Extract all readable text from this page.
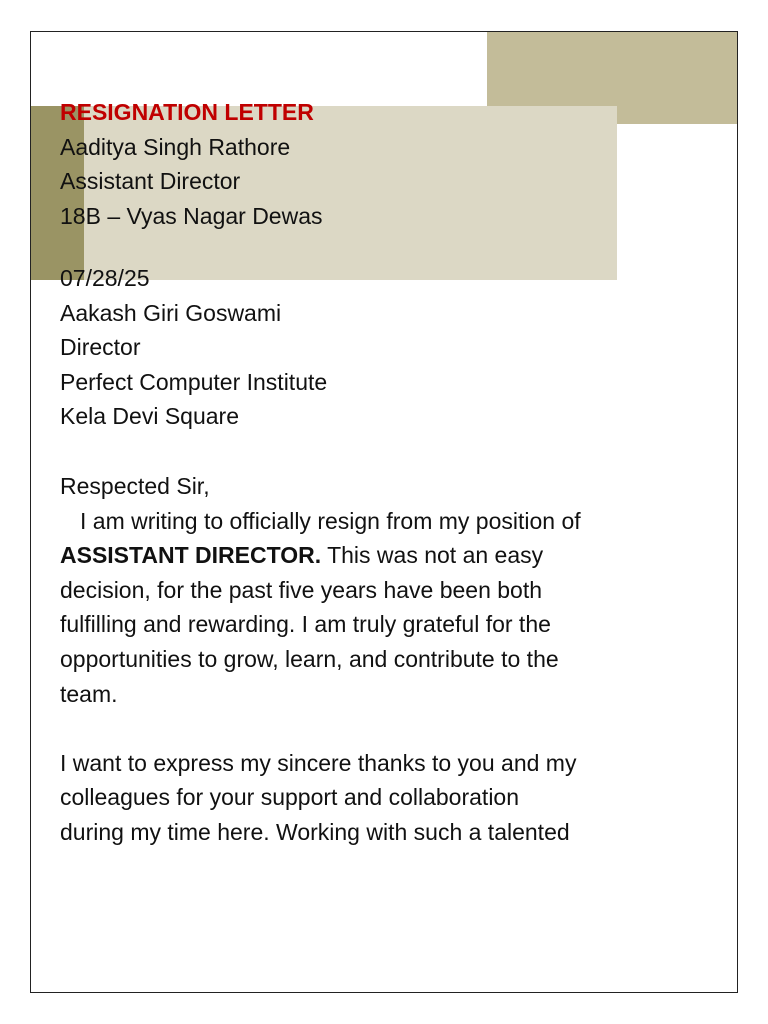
RESIGNATION LETTER
Aaditya Singh Rathore
Assistant Director
18B – Vyas Nagar Dewas
07/28/25
Aakash Giri Goswami
Director
Perfect Computer Institute
Kela Devi Square
Respected Sir,
I am writing to officially resign from my position of
ASSISTANT DIRECTOR. This was not an easy
decision, for the past five years have been both
fulfilling and rewarding. I am truly grateful for the
opportunities to grow, learn, and contribute to the
team.
I want to express my sincere thanks to you and my
colleagues for your support and collaboration
during my time here. Working with such a talented
